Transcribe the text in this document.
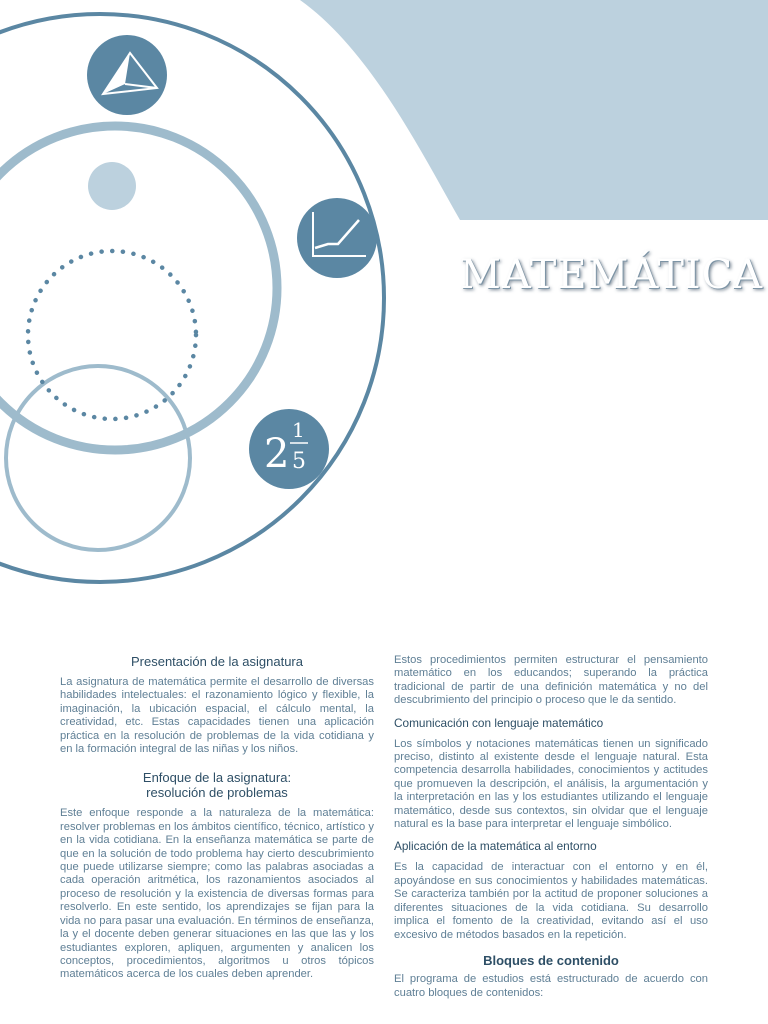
2
1
5
MATEMÁTICA
Presentación de la asignatura

La asignatura de matemática permite el desarrollo de diversas habilidades intelectuales: el razonamiento lógico y flexible, la imaginación, la ubicación espacial, el cálculo mental, la creatividad, etc. Estas capacidades tienen una aplicación práctica en la resolución de problemas de la vida cotidiana y en la formación integral de las niñas y los niños.

Enfoque de la asignatura:
resolución de problemas

Este enfoque responde a la naturaleza de la matemática: resolver problemas en los ámbitos científico, técnico, artístico y en la vida cotidiana. En la enseñanza matemática se parte de que en la solución de todo problema hay cierto descubrimiento que puede utilizarse siempre; como las palabras asociadas a cada operación aritmética, los razonamientos asociados al proceso de resolución y la existencia de diversas formas para resolverlo. En este sentido, los aprendizajes se fijan para la vida no para pasar una evaluación. En términos de enseñanza, la y el docente deben generar situaciones en las que las y los estudiantes exploren, apliquen, argumenten y analicen los conceptos, procedimientos, algoritmos u otros tópicos matemáticos acerca de los cuales deben aprender.

Estos procedimientos permiten estructurar el pensamiento matemático en los educandos; superando la práctica tradicional de partir de una definición matemática y no del descubrimiento del principio o proceso que le da sentido.

Comunicación con lenguaje matemático

Los símbolos y notaciones matemáticas tienen un significado preciso, distinto al existente desde el lenguaje natural. Esta competencia desarrolla habilidades, conocimientos y actitudes que promueven la descripción, el análisis, la argumentación y la interpretación en las y los estudiantes utilizando el lenguaje matemático, desde sus contextos, sin olvidar que el lenguaje natural es la base para interpretar el lenguaje simbólico.

Aplicación de la matemática al entorno

Es la capacidad de interactuar con el entorno y en él, apoyándose en sus conocimientos y habilidades matemáticas. Se caracteriza también por la actitud de proponer soluciones a diferentes situaciones de la vida cotidiana. Su desarrollo implica el fomento de la creatividad, evitando así el uso excesivo de métodos basados en la repetición.

Bloques de contenido

El programa de estudios está estructurado de acuerdo con cuatro bloques de contenidos:
